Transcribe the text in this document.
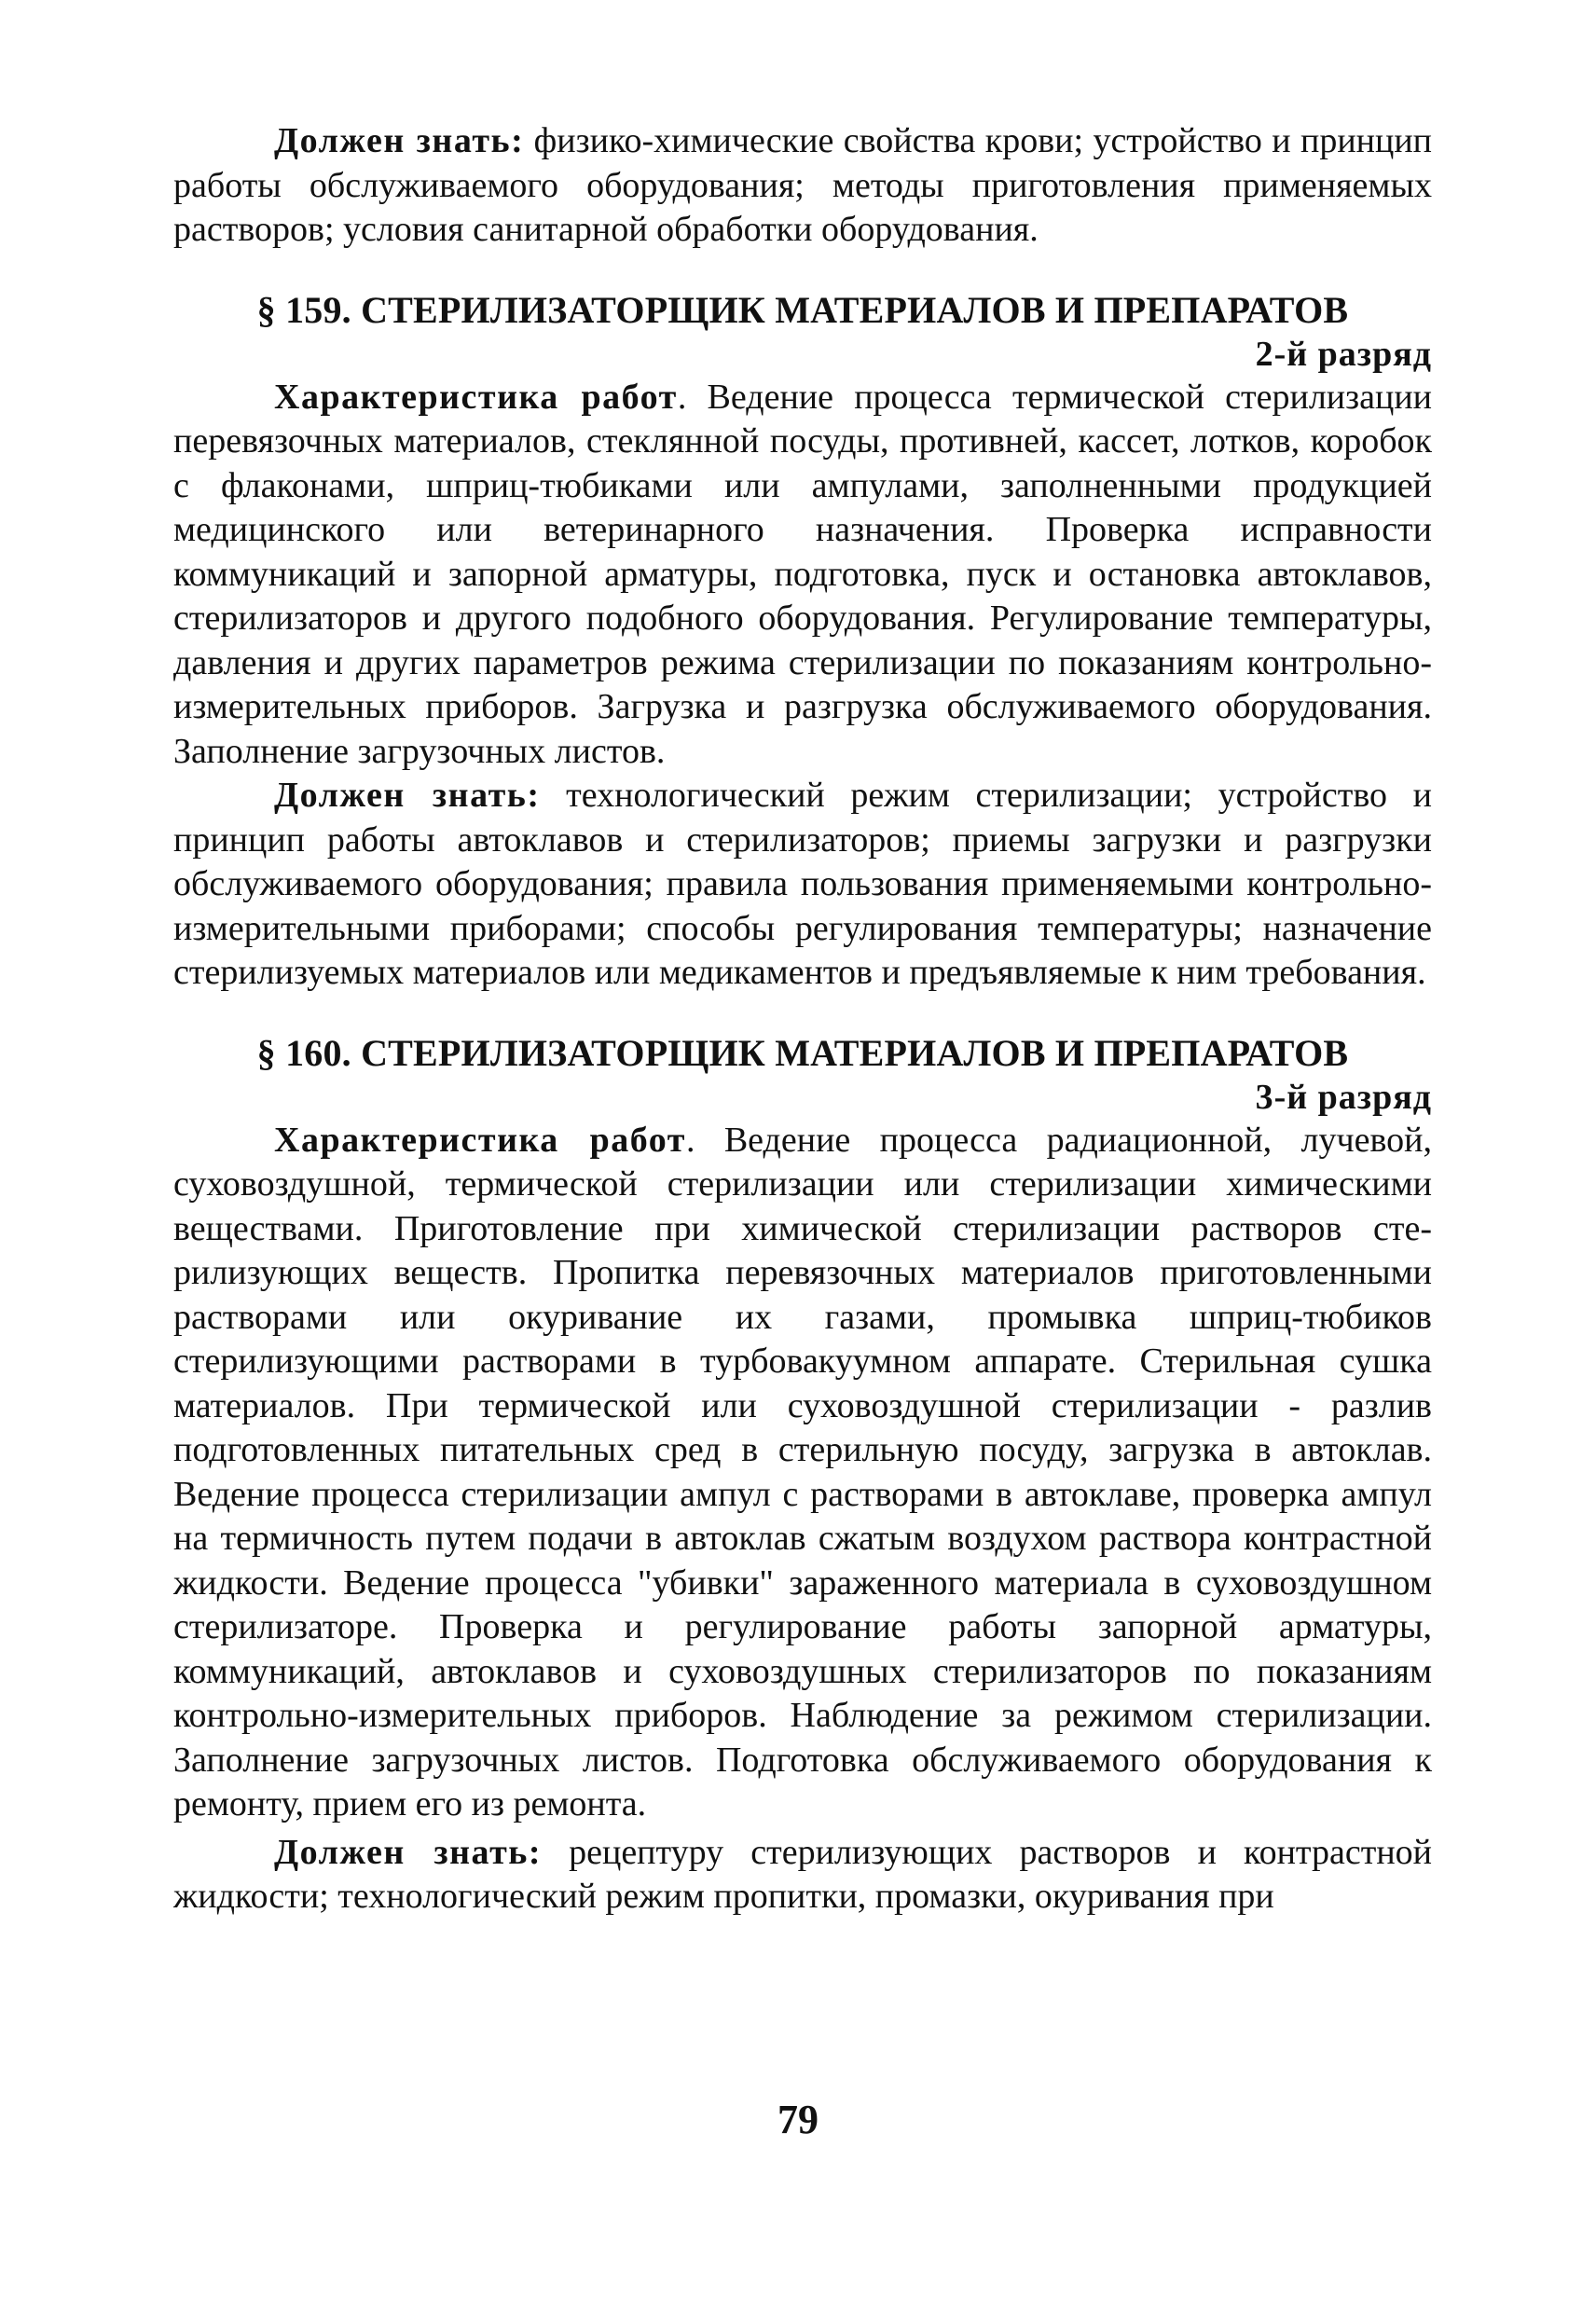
Должен знать: физико-химические свойства крови; устройство и принцип работы обслуживаемого оборудования; методы приготовления применяемых растворов; условия санитарной обработки оборудования.

§ 159. СТЕРИЛИЗАТОРЩИК МАТЕРИАЛОВ И ПРЕПАРАТОВ

2-й разряд

Характеристика работ. Ведение процесса термической стерилизации перевязочных материалов, стеклянной посуды, противней, кассет, лотков, коробок с флаконами, шприц-тюбиками или ампулами, заполненными продукцией медицинского или ветеринарного назначения. Проверка исправности коммуникаций и запорной арматуры, подготовка, пуск и остановка автоклавов, стерилизаторов и другого подобного оборудования. Регулирование температуры, давления и других параметров режима стерилизации по показаниям контрольно-измерительных приборов. Загрузка и разгрузка обслуживаемого оборудования. Заполнение загрузочных листов.

Должен знать: технологический режим стерилизации; устройство и принцип работы автоклавов и стерилизаторов; приемы загрузки и разгрузки обслуживаемого оборудования; правила пользования применяемыми контрольно-измерительными приборами; способы регулирования температуры; назначение стерилизуемых материалов или медикаментов и предъявляемые к ним требования.

§ 160. СТЕРИЛИЗАТОРЩИК МАТЕРИАЛОВ И ПРЕПАРАТОВ

3-й разряд

Характеристика работ. Ведение процесса радиационной, лучевой, суховоздушной, термической стерилизации или стерилизации химическими веществами. Приготовление при химической стерилизации растворов стерилизующих веществ. Пропитка перевязочных материалов приготовленными растворами или окуривание их газами, промывка шприц-тюбиков стерилизующими растворами в турбовакуумном аппарате. Стерильная сушка материалов. При термической или суховоздушной стерилизации - разлив подготовленных питательных сред в стерильную посуду, загрузка в автоклав. Ведение процесса стерилизации ампул с растворами в автоклаве, проверка ампул на термичность путем подачи в автоклав сжатым воздухом раствора контрастной жидкости. Ведение процесса "убивки" зараженного материала в суховоздушном стерилизаторе. Проверка и регулирование работы запорной арматуры, коммуникаций, автоклавов и суховоздушных стерилизаторов по показаниям контрольно-измерительных приборов. Наблюдение за режимом стерилизации. Заполнение загрузочных листов. Подготовка обслуживаемого оборудования к ремонту, прием его из ремонта.

Должен знать: рецептуру стерилизующих растворов и контрастной жидкости; технологический режим пропитки, промазки, окуривания при

79
